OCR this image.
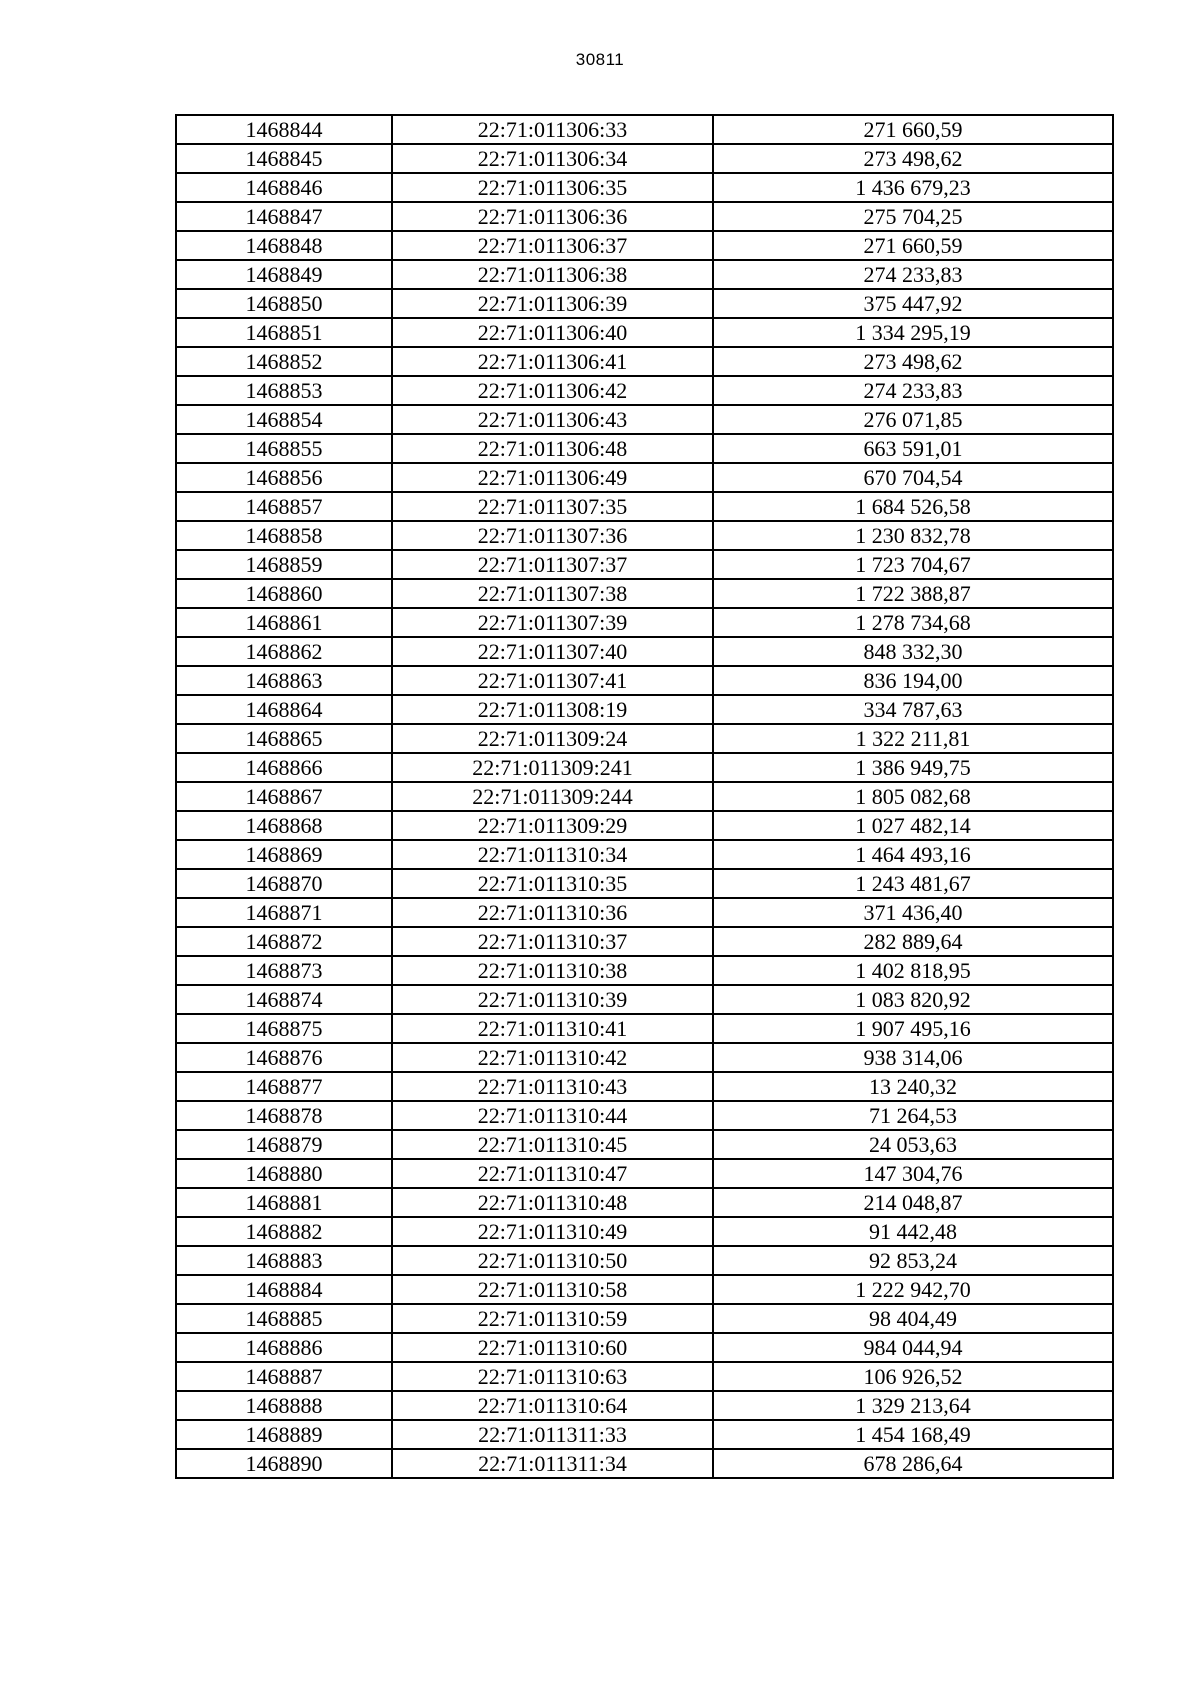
30811
1468844	22:71:011306:33	271 660,59
1468845	22:71:011306:34	273 498,62
1468846	22:71:011306:35	1 436 679,23
1468847	22:71:011306:36	275 704,25
1468848	22:71:011306:37	271 660,59
1468849	22:71:011306:38	274 233,83
1468850	22:71:011306:39	375 447,92
1468851	22:71:011306:40	1 334 295,19
1468852	22:71:011306:41	273 498,62
1468853	22:71:011306:42	274 233,83
1468854	22:71:011306:43	276 071,85
1468855	22:71:011306:48	663 591,01
1468856	22:71:011306:49	670 704,54
1468857	22:71:011307:35	1 684 526,58
1468858	22:71:011307:36	1 230 832,78
1468859	22:71:011307:37	1 723 704,67
1468860	22:71:011307:38	1 722 388,87
1468861	22:71:011307:39	1 278 734,68
1468862	22:71:011307:40	848 332,30
1468863	22:71:011307:41	836 194,00
1468864	22:71:011308:19	334 787,63
1468865	22:71:011309:24	1 322 211,81
1468866	22:71:011309:241	1 386 949,75
1468867	22:71:011309:244	1 805 082,68
1468868	22:71:011309:29	1 027 482,14
1468869	22:71:011310:34	1 464 493,16
1468870	22:71:011310:35	1 243 481,67
1468871	22:71:011310:36	371 436,40
1468872	22:71:011310:37	282 889,64
1468873	22:71:011310:38	1 402 818,95
1468874	22:71:011310:39	1 083 820,92
1468875	22:71:011310:41	1 907 495,16
1468876	22:71:011310:42	938 314,06
1468877	22:71:011310:43	13 240,32
1468878	22:71:011310:44	71 264,53
1468879	22:71:011310:45	24 053,63
1468880	22:71:011310:47	147 304,76
1468881	22:71:011310:48	214 048,87
1468882	22:71:011310:49	91 442,48
1468883	22:71:011310:50	92 853,24
1468884	22:71:011310:58	1 222 942,70
1468885	22:71:011310:59	98 404,49
1468886	22:71:011310:60	984 044,94
1468887	22:71:011310:63	106 926,52
1468888	22:71:011310:64	1 329 213,64
1468889	22:71:011311:33	1 454 168,49
1468890	22:71:011311:34	678 286,64
